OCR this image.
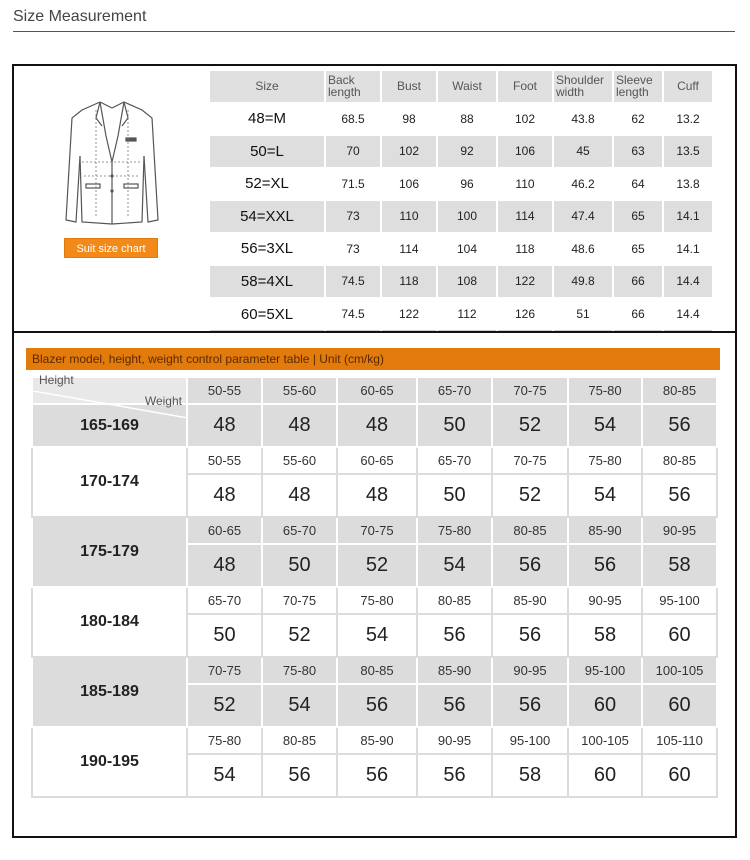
Size Measurement
Suit size chart
Size	Back length	Bust	Waist	Foot	Shoulder width	Sleeve length	Cuff
48=M	68.5	98	88	102	43.8	62	13.2
50=L	70	102	92	106	45	63	13.5
52=XL	71.5	106	96	110	46.2	64	13.8
54=XXL	73	110	100	114	47.4	65	14.1
56=3XL	73	114	104	118	48.6	65	14.1
58=4XL	74.5	118	108	122	49.8	66	14.4
60=5XL	74.5	122	112	126	51	66	14.4
Blazer model, height, weight control parameter table | Unit (cm/kg)
Weight
Height	50-55	55-60	60-65	65-70	70-75	75-80	80-85
165-169	48	48	48	50	52	54	56
170-174	50-55	55-60	60-65	65-70	70-75	75-80	80-85
	48	48	48	50	52	54	56
175-179	60-65	65-70	70-75	75-80	80-85	85-90	90-95
	48	50	52	54	56	56	58
180-184	65-70	70-75	75-80	80-85	85-90	90-95	95-100
	50	52	54	56	56	58	60
185-189	70-75	75-80	80-85	85-90	90-95	95-100	100-105
	52	54	56	56	56	60	60
190-195	75-80	80-85	85-90	90-95	95-100	100-105	105-110
	54	56	56	56	58	60	60
